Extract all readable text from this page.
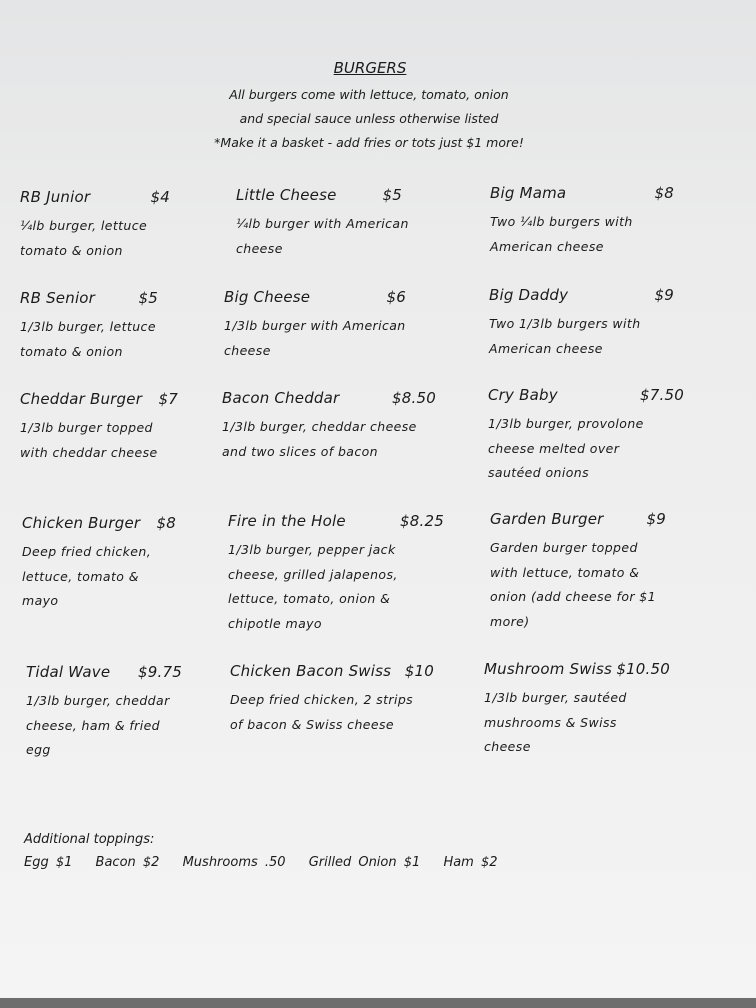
BURGERS
All burgers come with lettuce, tomato, onion
and special sauce unless otherwise listed
*Make it a basket - add fries or tots just $1 more!
RB Junior	$4
¼lb burger, lettuce
tomato & onion
Little Cheese	$5
¼lb burger with American
cheese
Big Mama	$8
Two ¼lb burgers with
American cheese
RB Senior	$5
1/3lb burger, lettuce
tomato & onion
Big Cheese	$6
1/3lb burger with American
cheese
Big Daddy	$9
Two 1/3lb burgers with
American cheese
Cheddar Burger $7
1/3lb burger topped
with cheddar cheese
Bacon Cheddar	$8.50
1/3lb burger, cheddar cheese
and two slices of bacon
Cry Baby	$7.50
1/3lb burger, provolone
cheese melted over
sautéed onions
Chicken Burger $8
Deep fried chicken,
lettuce, tomato &
mayo
Fire in the Hole	$8.25
1/3lb burger, pepper jack
cheese, grilled jalapenos,
lettuce, tomato, onion &
chipotle mayo
Garden Burger	$9
Garden burger topped
with lettuce, tomato &
onion (add cheese for $1
more)
Tidal Wave $9.75
1/3lb burger, cheddar
cheese, ham & fried
egg
Chicken Bacon Swiss $10
Deep fried chicken, 2 strips
of bacon & Swiss cheese
Mushroom Swiss $10.50
1/3lb burger, sautéed
mushrooms & Swiss
cheese
Additional toppings:
Egg $1 Bacon $2 Mushrooms .50 Grilled Onion $1 Ham $2
